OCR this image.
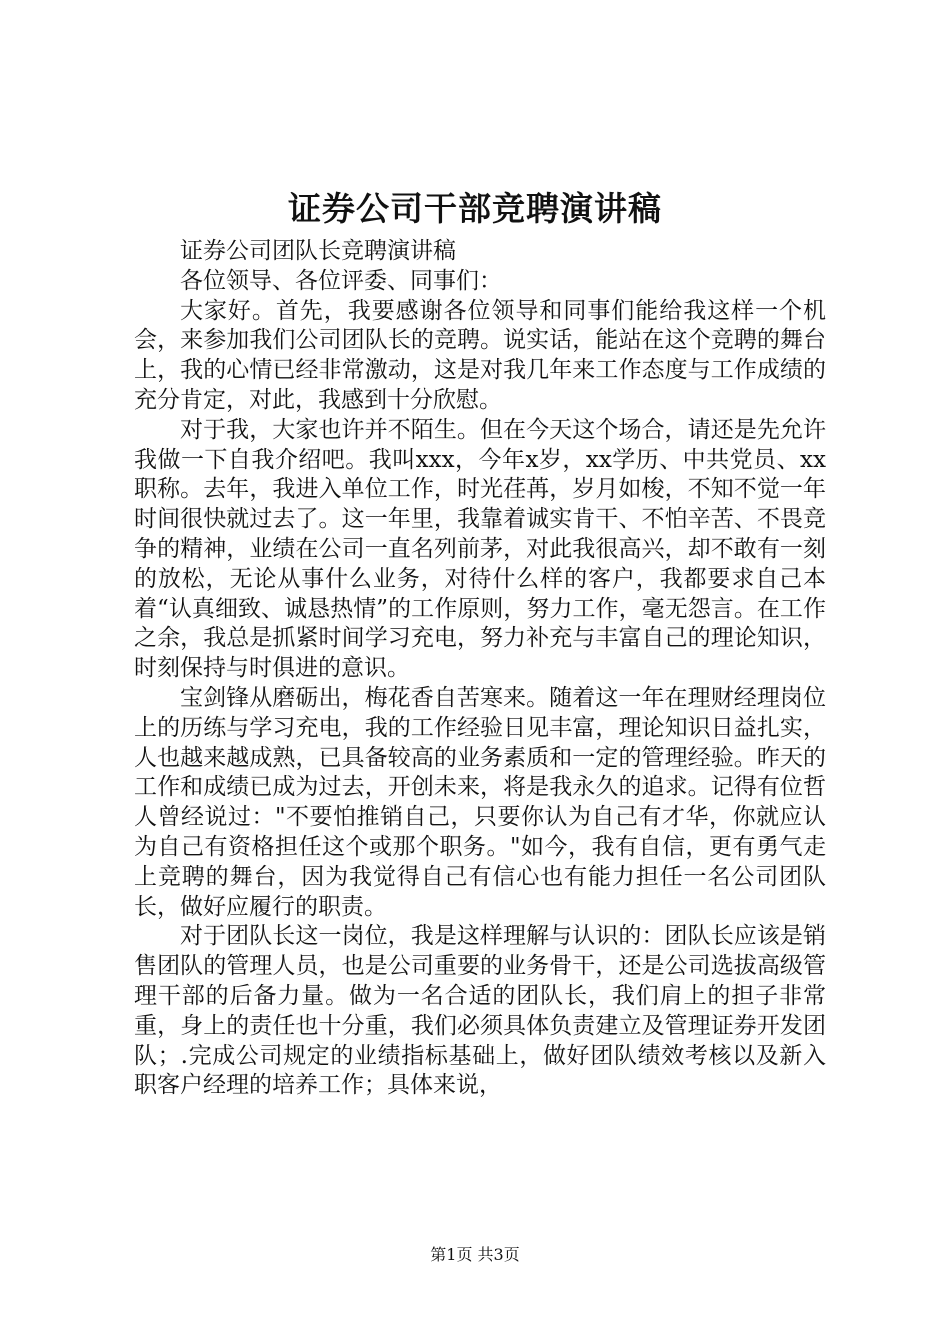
证券公司干部竞聘演讲稿

证券公司团队长竞聘演讲稿

各位领导、各位评委、同事们：

大家好。首先，我要感谢各位领导和同事们能给我这样一个机会，来参加我们公司团队长的竞聘。说实话，能站在这个竞聘的舞台上，我的心情已经非常激动，这是对我几年来工作态度与工作成绩的充分肯定，对此，我感到十分欣慰。

对于我，大家也许并不陌生。但在今天这个场合，请还是先允许我做一下自我介绍吧。我叫xxx，今年x岁，xx学历、中共党员、xx职称。去年，我进入单位工作，时光荏苒，岁月如梭，不知不觉一年时间很快就过去了。这一年里，我靠着诚实肯干、不怕辛苦、不畏竞争的精神，业绩在公司一直名列前茅，对此我很高兴，却不敢有一刻的放松，无论从事什么业务，对待什么样的客户，我都要求自己本着“认真细致、诚恳热情”的工作原则，努力工作，毫无怨言。在工作之余，我总是抓紧时间学习充电，努力补充与丰富自己的理论知识，时刻保持与时俱进的意识。

宝剑锋从磨砺出，梅花香自苦寒来。随着这一年在理财经理岗位上的历练与学习充电，我的工作经验日见丰富，理论知识日益扎实，人也越来越成熟，已具备较高的业务素质和一定的管理经验。昨天的工作和成绩已成为过去，开创未来，将是我永久的追求。记得有位哲人曾经说过："不要怕推销自己，只要你认为自己有才华，你就应认为自己有资格担任这个或那个职务。"如今，我有自信，更有勇气走上竞聘的舞台，因为我觉得自己有信心也有能力担任一名公司团队长，做好应履行的职责。

对于团队长这一岗位，我是这样理解与认识的：团队长应该是销售团队的管理人员，也是公司重要的业务骨干，还是公司选拔高级管理干部的后备力量。做为一名合适的团队长，我们肩上的担子非常重，身上的责任也十分重，我们必须具体负责建立及管理证券开发团队；.完成公司规定的业绩指标基础上，做好团队绩效考核以及新入职客户经理的培养工作；具体来说，

第1页 共3页
